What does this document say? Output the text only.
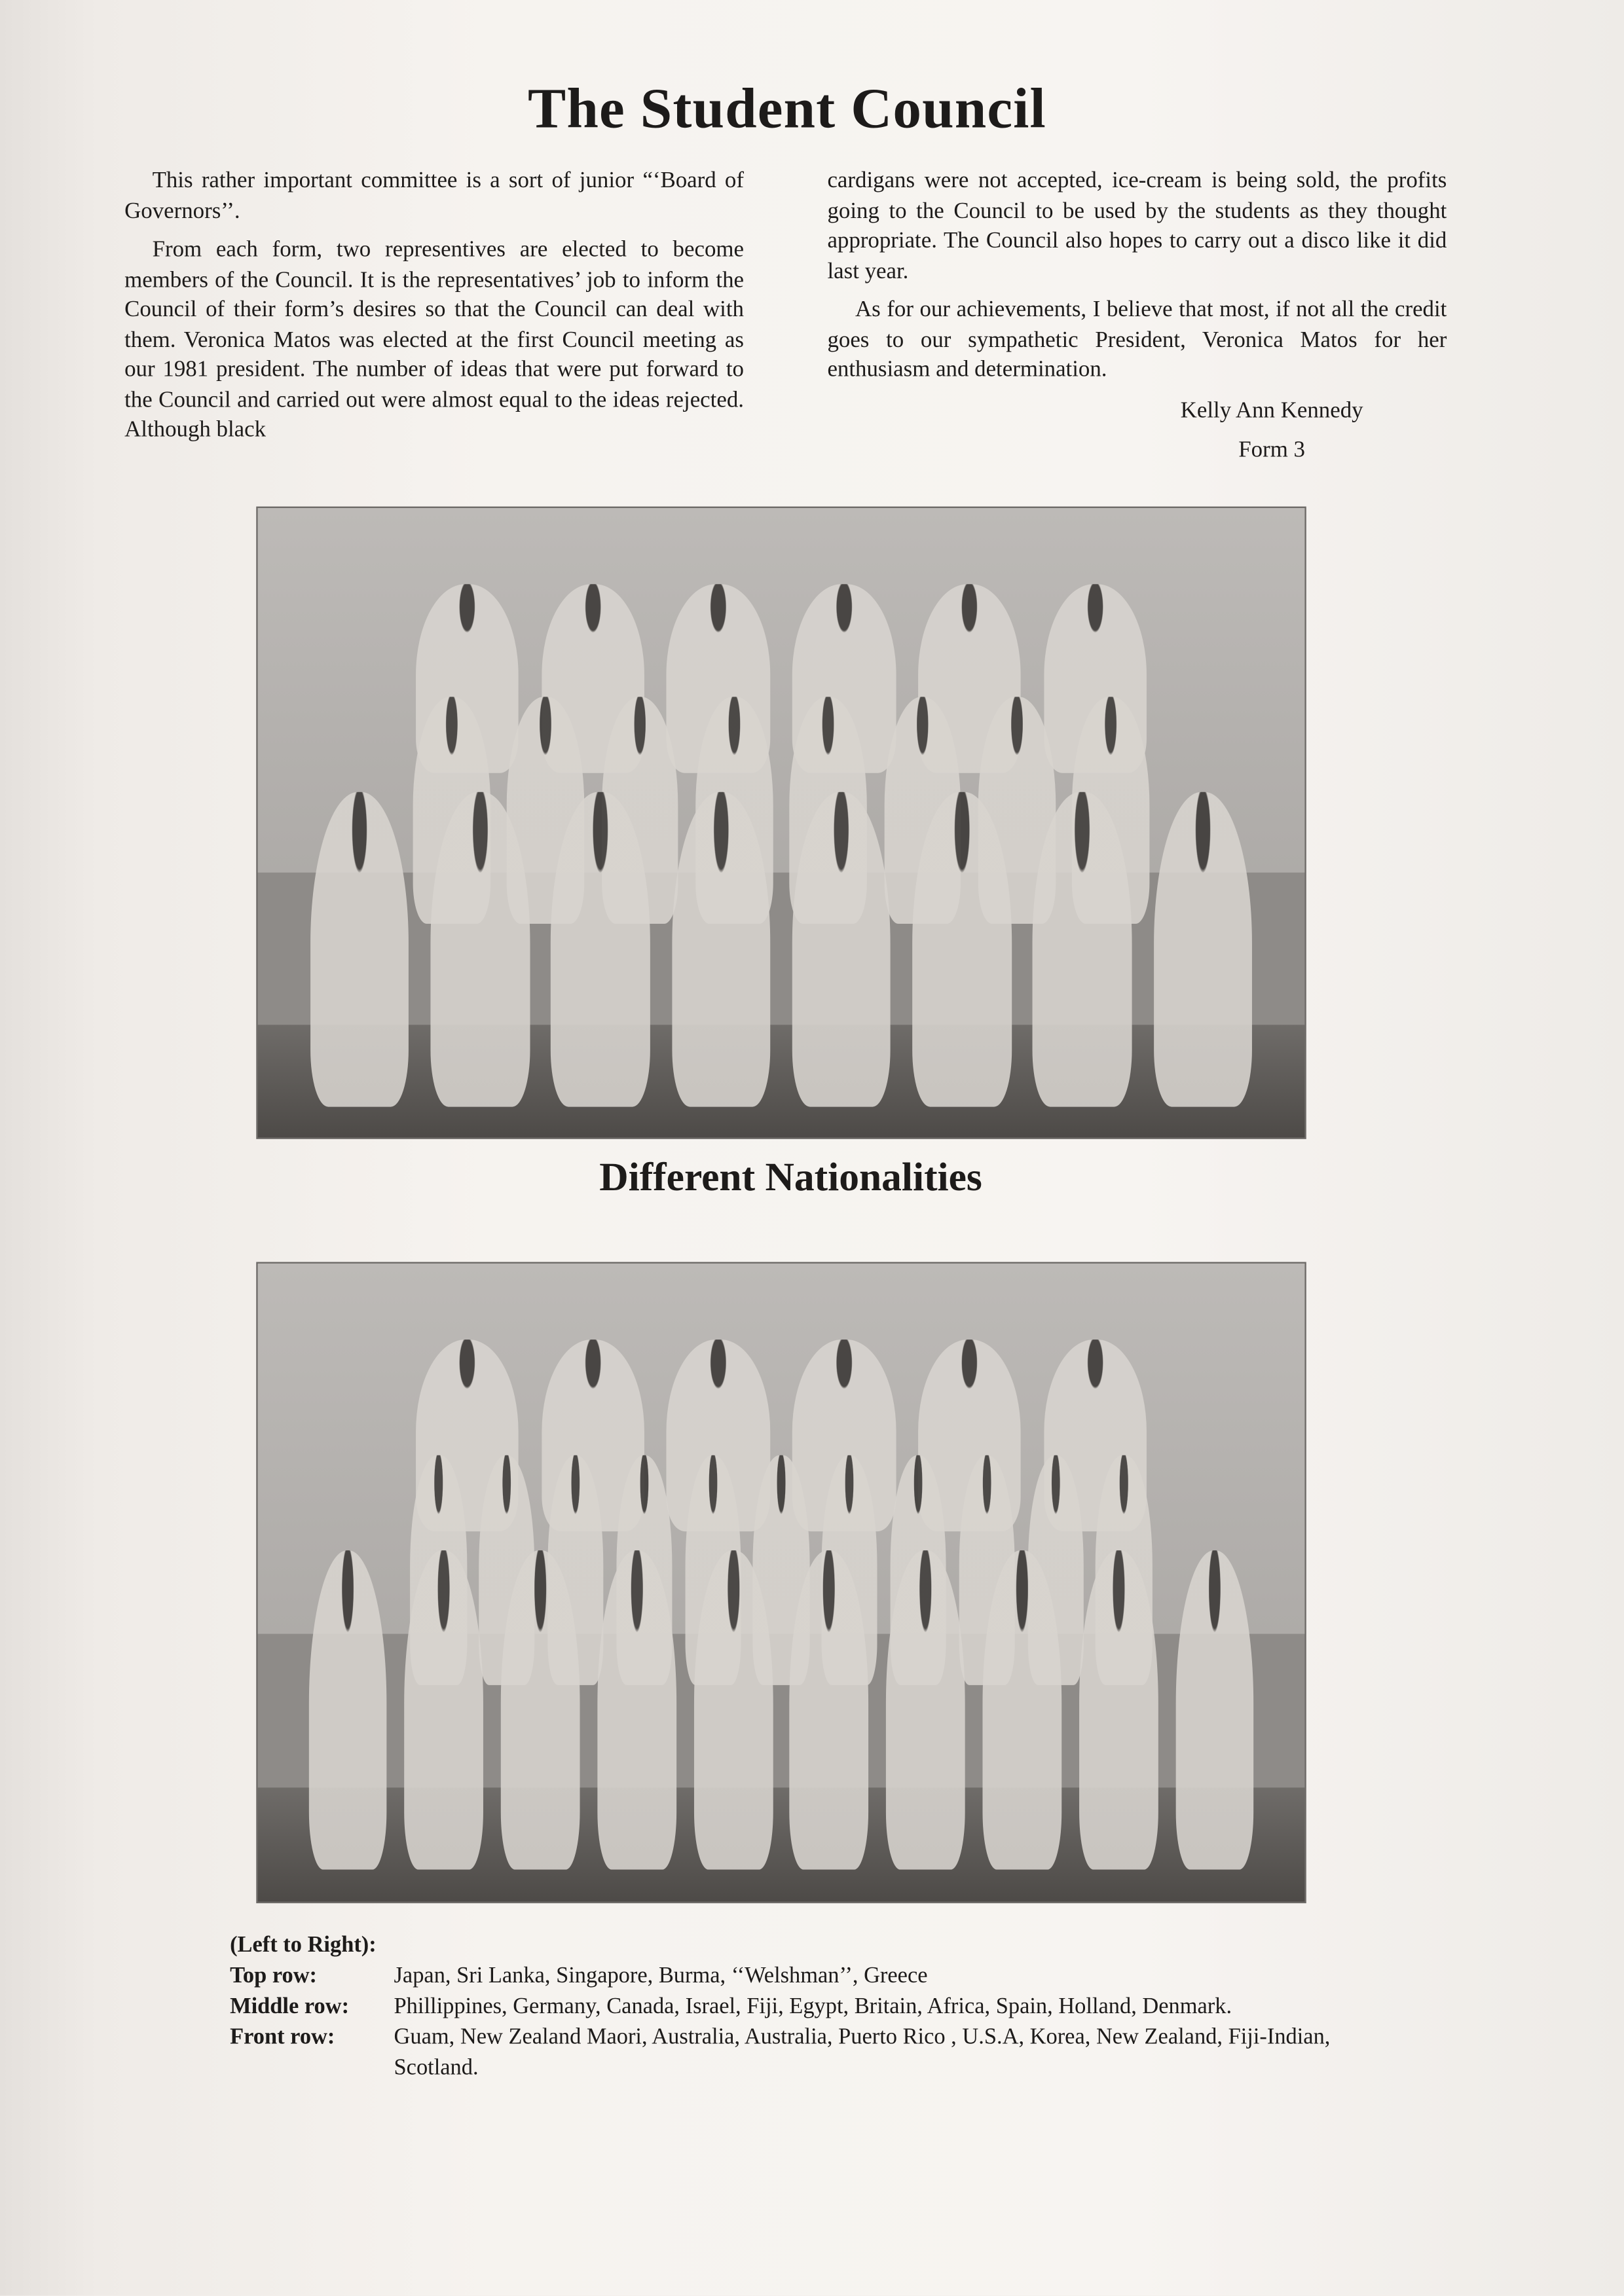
The Student Council

This rather important committee is a sort of junior “‘Board of Governors’’.

From each form, two representives are elected to become members of the Council. It is the representatives’ job to inform the Council of their form’s desires so that the Council can deal with them. Veronica Matos was elected at the first Council meeting as our 1981 president. The number of ideas that were put forward to the Council and carried out were almost equal to the ideas rejected. Although black

cardigans were not accepted, ice-cream is being sold, the profits going to the Council to be used by the students as they thought appropriate. The Council also hopes to carry out a disco like it did last year.

As for our achievements, I believe that most, if not all the credit goes to our sympathetic President, Veronica Matos for her enthusiasm and determination.

Kelly Ann Kennedy

Form 3

Different Nationalities

(Left to Right):

Top row:	Japan, Sri Lanka, Singapore, Burma, ‘‘Welshman’’, Greece
Middle row:	Phillippines, Germany, Canada, Israel, Fiji, Egypt, Britain, Africa, Spain, Holland, Denmark.
Front row:	Guam, New Zealand Maori, Australia, Australia, Puerto Rico , U.S.A, Korea, New Zealand, Fiji-Indian, Scotland.
